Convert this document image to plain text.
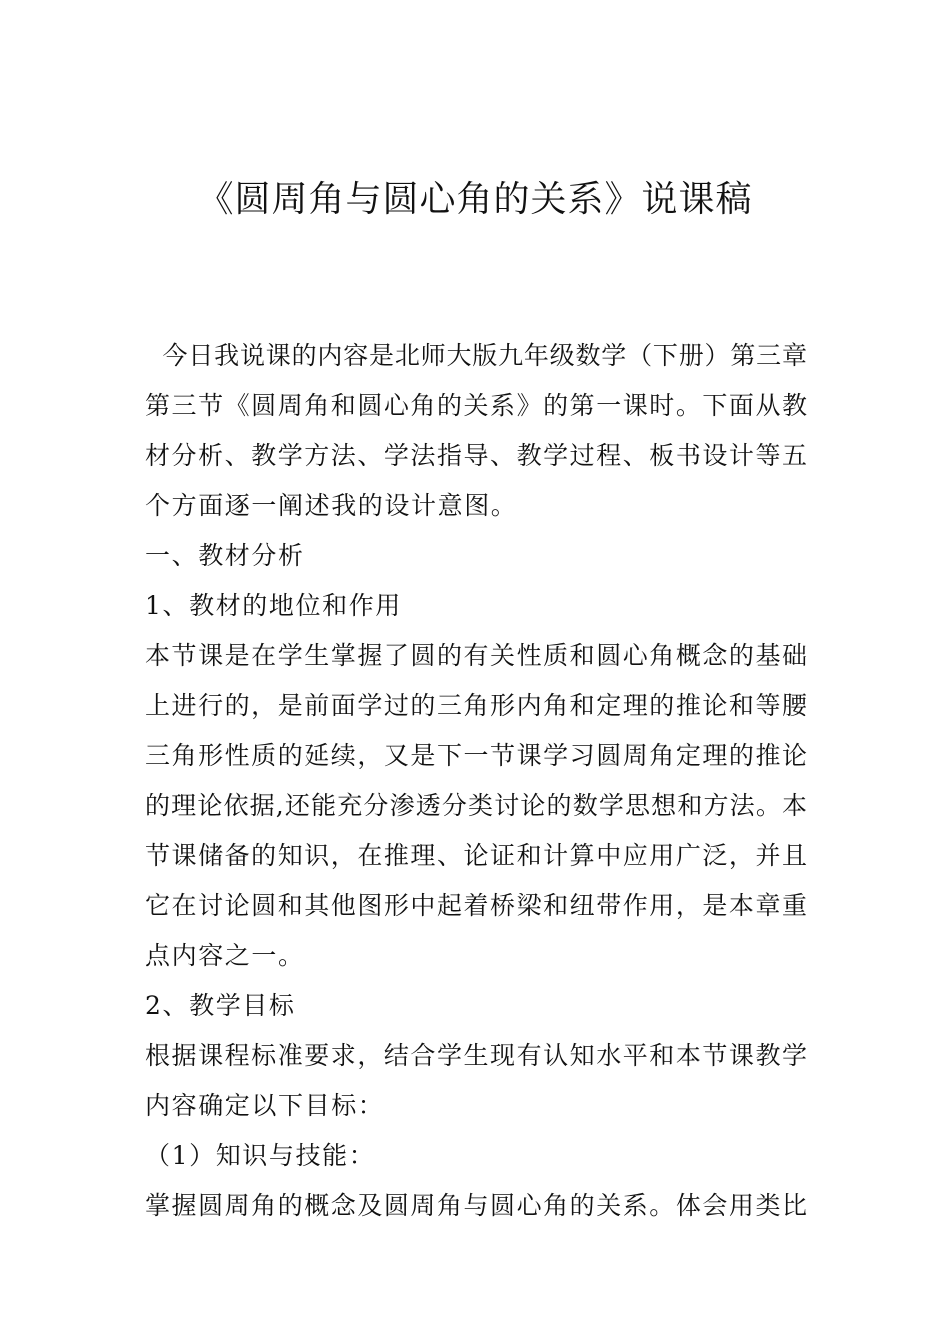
《圆周角与圆心角的关系》说课稿
今日我说课的内容是北师大版九年级数学（下册）第三章
第三节《圆周角和圆心角的关系》的第一课时。下面从教
材分析、教学方法、学法指导、教学过程、板书设计等五
个方面逐一阐述我的设计意图。
一、教材分析
1、教材的地位和作用
本节课是在学生掌握了圆的有关性质和圆心角概念的基础
上进行的，是前面学过的三角形内角和定理的推论和等腰
三角形性质的延续，又是下一节课学习圆周角定理的推论
的理论依据,还能充分渗透分类讨论的数学思想和方法。本
节课储备的知识，在推理、论证和计算中应用广泛，并且
它在讨论圆和其他图形中起着桥梁和纽带作用，是本章重
点内容之一。
2、教学目标
根据课程标准要求，结合学生现有认知水平和本节课教学
内容确定以下目标：
（1）知识与技能：
掌握圆周角的概念及圆周角与圆心角的关系。体会用类比
